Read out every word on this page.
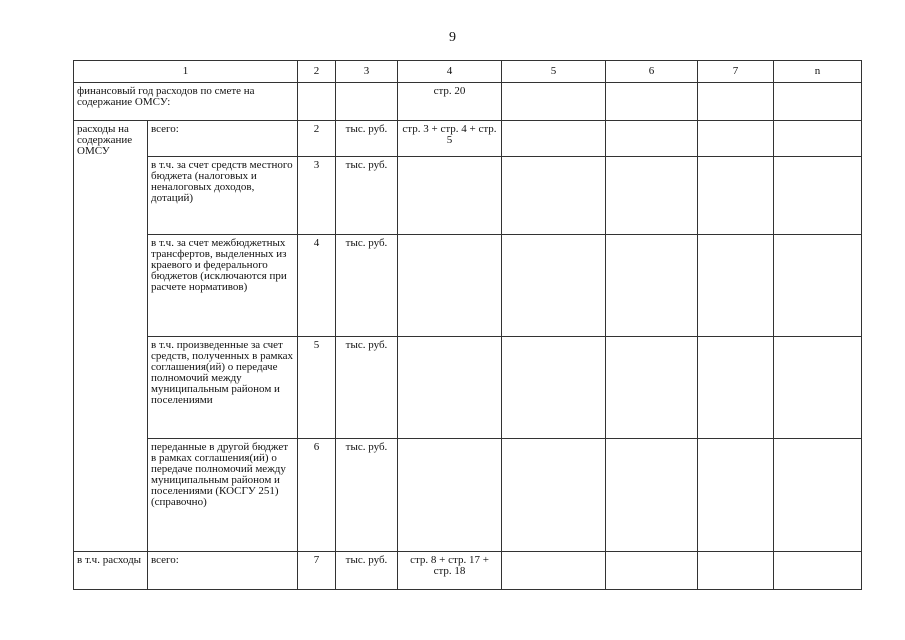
9
1		2	3	4	5	6	7	n
финансовый год расходов по смете на содержание ОМСУ:				стр. 20				
расходы на содержание ОМСУ	всего:	2	тыс. руб.	стр. 3 + стр. 4 + стр. 5				
	в т.ч. за счет средств местного бюджета (налоговых и неналоговых доходов, дотаций)	3	тыс. руб.					
	в т.ч. за счет межбюджетных трансфертов, выделенных из краевого и федерального бюджетов (исключаются при расчете нормативов)	4	тыс. руб.					
	в т.ч. произведенные за счет средств, полученных в рамках соглашения(ий) о передаче полномочий между муниципальным районом и поселениями	5	тыс. руб.					
	переданные в другой бюджет в рамках соглашения(ий) о передаче полномочий между муниципальным районом и поселениями (КОСГУ 251) (справочно)	6	тыс. руб.					
в т.ч. расходы	всего:	7	тыс. руб.	стр. 8 + стр. 17 + стр. 18				
